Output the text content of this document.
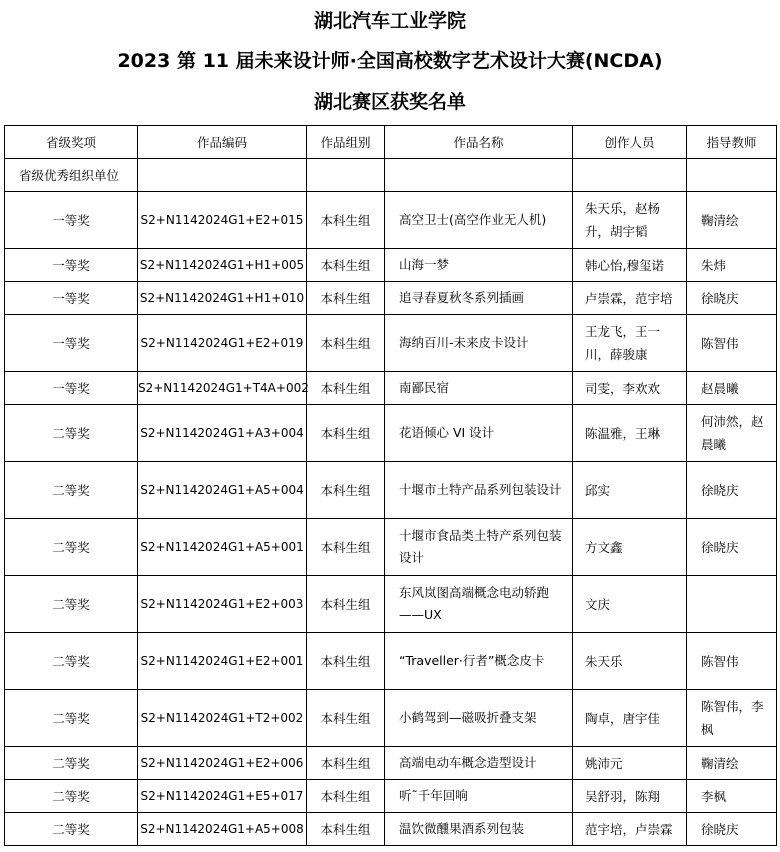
湖北汽车工业学院
2023 第 11 届未来设计师·全国高校数字艺术设计大赛(NCDA)
湖北赛区获奖名单
省级奖项	作品编码	作品组别	作品名称	创作人员	指导教师
省级优秀组织单位					
一等奖	S2+N1142024G1+E2+015	本科生组	高空卫士(高空作业无人机)	朱天乐，赵杨升，胡宇韬	鞠清绘
一等奖	S2+N1142024G1+H1+005	本科生组	山海一梦	韩心怡,穆玺诺	朱炜
一等奖	S2+N1142024G1+H1+010	本科生组	追寻春夏秋冬系列插画	卢崇霖，范宇培	徐晓庆
一等奖	S2+N1142024G1+E2+019	本科生组	海纳百川-未来皮卡设计	王龙飞，王一川，薛骏康	陈智伟
一等奖	S2+N1142024G1+T4A+002	本科生组	南鄙民宿	司雯，李欢欢	赵晨曦
二等奖	S2+N1142024G1+A3+004	本科生组	花语倾心 VI 设计	陈温雅，王琳	何沛然，赵晨曦
二等奖	S2+N1142024G1+A5+004	本科生组	十堰市土特产品系列包装设计	邱实	徐晓庆
二等奖	S2+N1142024G1+A5+001	本科生组	十堰市食品类土特产系列包装设计	方文鑫	徐晓庆
二等奖	S2+N1142024G1+E2+003	本科生组	东风岚图高端概念电动轿跑——UX	文庆	
二等奖	S2+N1142024G1+E2+001	本科生组	“Traveller·行者”概念皮卡	朱天乐	陈智伟
二等奖	S2+N1142024G1+T2+002	本科生组	小鹤驾到—磁吸折叠支架	陶卓，唐宇佳	陈智伟，李枫
二等奖	S2+N1142024G1+E2+006	本科生组	高端电动车概念造型设计	姚沛元	鞠清绘
二等奖	S2+N1142024G1+E5+017	本科生组	听˜千年回响	吴舒羽，陈翔	李枫
二等奖	S2+N1142024G1+A5+008	本科生组	温饮微醺果酒系列包装	范宇培，卢崇霖	徐晓庆
